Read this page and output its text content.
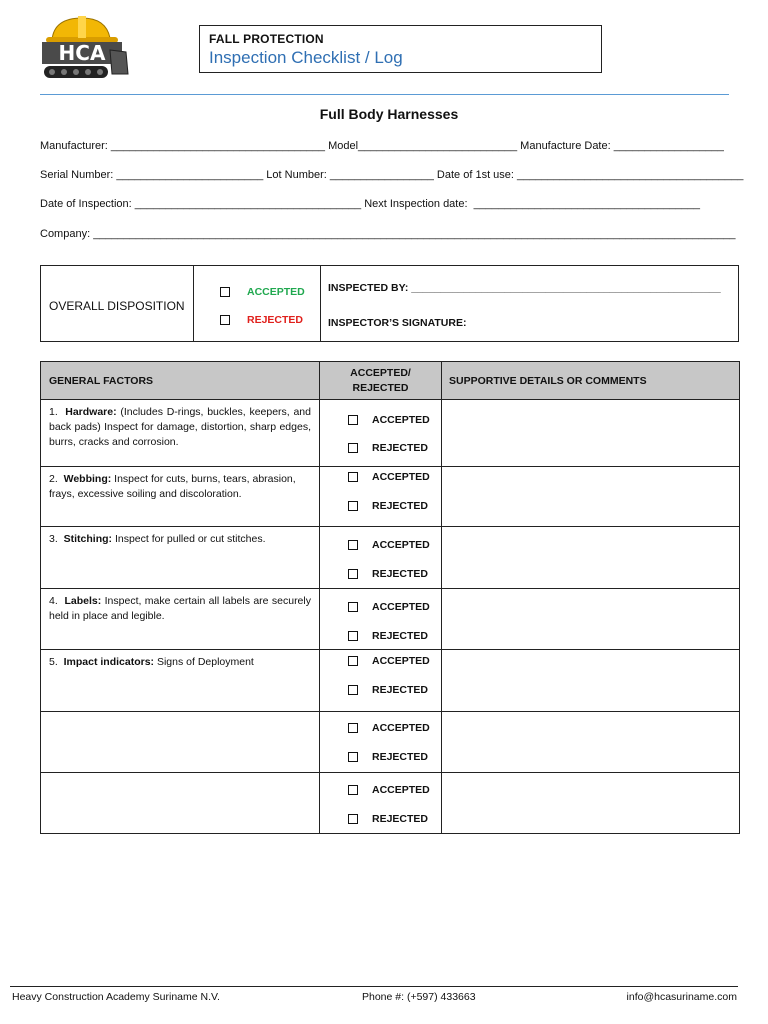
HCA
FALL PROTECTION
Inspection Checklist / Log
Full Body Harnesses
Manufacturer: ___________________________________ Model__________________________ Manufacture Date: __________________
Serial Number: ________________________ Lot Number: _________________ Date of 1st use: _____________________________________
Date of Inspection: _____________________________________ Next Inspection date:  _____________________________________
Company: _________________________________________________________________________________________________________
OVERALL DISPOSITION
ACCEPTED
REJECTED
INSPECTED BY: _____________________________________________________
INSPECTOR’S SIGNATURE:
GENERAL FACTORS	ACCEPTED/
REJECTED	SUPPORTIVE DETAILS OR COMMENTS

1. Hardware: (Includes D-rings, buckles, keepers, and back pads) Inspect for damage, distortion, sharp edges, burrs, cracks and corrosion.	ACCEPTED
REJECTED	

2. Webbing: Inspect for cuts, burns, tears, abrasion, frays, excessive soiling and discoloration.	ACCEPTED
REJECTED	

3. Stitching: Inspect for pulled or cut stitches.	ACCEPTED
REJECTED	

4. Labels: Inspect, make certain all labels are securely held in place and legible.	ACCEPTED
REJECTED	

5. Impact indicators: Signs of Deployment	ACCEPTED
REJECTED	

	ACCEPTED
REJECTED	

	ACCEPTED
REJECTED	

Heavy Construction Academy Suriname N.V.	Phone #: (+597) 433663	info@hcasuriname.com
